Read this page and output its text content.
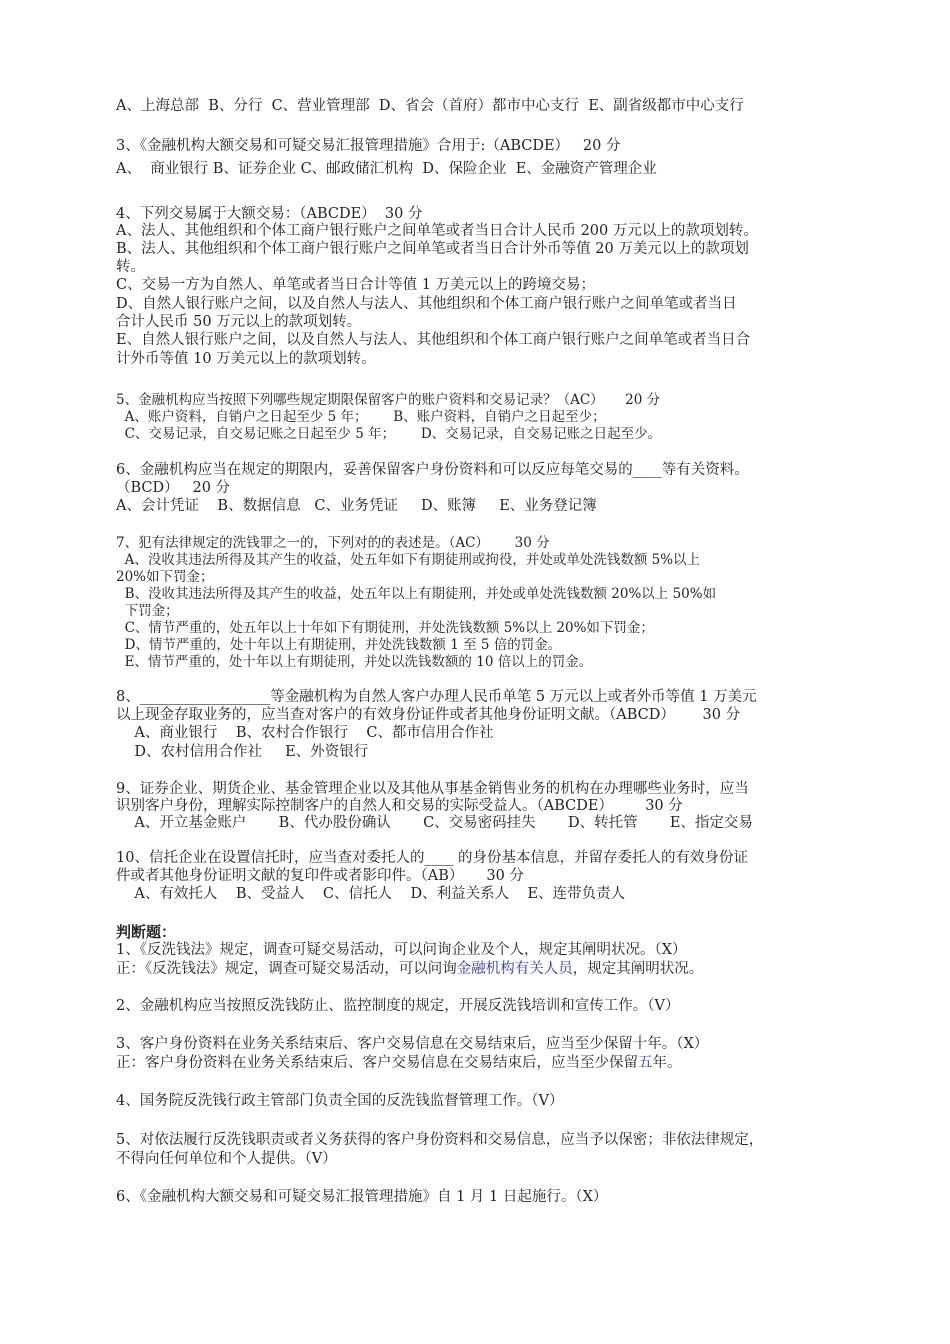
A、上海总部  B、分行  C、营业管理部  D、省会（首府）都市中心支行  E、副省级都市中心支行
3、《金融机构大额交易和可疑交易汇报管理措施》合用于:（ABCDE）   20 分
A、  商业银行 B、证券企业 C、邮政储汇机构  D、保险企业  E、金融资产管理企业
4、下列交易属于大额交易：（ABCDE）  30 分
A、法人、其他组织和个体工商户银行账户之间单笔或者当日合计人民币 200 万元以上的款项划转。
B、法人、其他组织和个体工商户银行账户之间单笔或者当日合计外币等值 20 万美元以上的款项划
转。
C、交易一方为自然人、单笔或者当日合计等值 1 万美元以上的跨境交易；
D、自然人银行账户之间，以及自然人与法人、其他组织和个体工商户银行账户之间单笔或者当日
合计人民币 50 万元以上的款项划转。
E、自然人银行账户之间，以及自然人与法人、其他组织和个体工商户银行账户之间单笔或者当日合
计外币等值 10 万美元以上的款项划转。
5、金融机构应当按照下列哪些规定期限保留客户的账户资料和交易记录？（AC）     20 分
A、账户资料，自销户之日起至少 5 年；      B、账户资料，自销户之日起至少；
C、交易记录，自交易记账之日起至少 5 年；      D、交易记录，自交易记账之日起至少。
6、金融机构应当在规定的期限内，妥善保留客户身份资料和可以反应每笔交易的____等有关资料。
（BCD）   20 分
A、会计凭证    B、数据信息   C、业务凭证     D、账簿     E、业务登记簿
7、犯有法律规定的洗钱罪之一的，下列对的的表述是。（AC）      30 分
A、没收其违法所得及其产生的收益，处五年如下有期徒刑或拘役，并处或单处洗钱数额 5%以上
20%如下罚金；
B、没收其违法所得及其产生的收益，处五年以上有期徒刑，并处或单处洗钱数额 20%以上 50%如
下罚金；
C、情节严重的，处五年以上十年如下有期徒刑，并处洗钱数额 5%以上 20%如下罚金；
D、情节严重的，处十年以上有期徒刑，并处洗钱数额 1 至 5 倍的罚金。
E、情节严重的，处十年以上有期徒刑，并处以洗钱数额的 10 倍以上的罚金。
8、__________________等金融机构为自然人客户办理人民币单笔 5 万元以上或者外币等值 1 万美元
以上现金存取业务的，应当查对客户的有效身份证件或者其他身份证明文献。（ABCD）      30 分
A、商业银行    B、农村合作银行    C、都市信用合作社
D、农村信用合作社     E、外资银行
9、证券企业、期货企业、基金管理企业以及其他从事基金销售业务的机构在办理哪些业务时，应当
识别客户身份，理解实际控制客户的自然人和交易的实际受益人。（ABCDE）       30 分
A、开立基金账户       B、代办股份确认       C、交易密码挂失       D、转托管       E、指定交易
10、信托企业在设置信托时，应当查对委托人的____ 的身份基本信息，并留存委托人的有效身份证
件或者其他身份证明文献的复印件或者影印件。（AB）     30 分
A、有效托人    B、受益人    C、信托人    D、利益关系人    E、连带负责人
判断题：
1、《反洗钱法》规定，调查可疑交易活动，可以问询企业及个人，规定其阐明状况。（X）
正：《反洗钱法》规定，调查可疑交易活动，可以问询金融机构有关人员，规定其阐明状况。
2、金融机构应当按照反洗钱防止、监控制度的规定，开展反洗钱培训和宣传工作。（V）
3、客户身份资料在业务关系结束后、客户交易信息在交易结束后，应当至少保留十年。（X）
正：客户身份资料在业务关系结束后、客户交易信息在交易结束后，应当至少保留五年。
4、国务院反洗钱行政主管部门负责全国的反洗钱监督管理工作。（V）
5、对依法履行反洗钱职责或者义务获得的客户身份资料和交易信息，应当予以保密；非依法律规定，
不得向任何单位和个人提供。（V）
6、《金融机构大额交易和可疑交易汇报管理措施》自 1 月 1 日起施行。（X）
